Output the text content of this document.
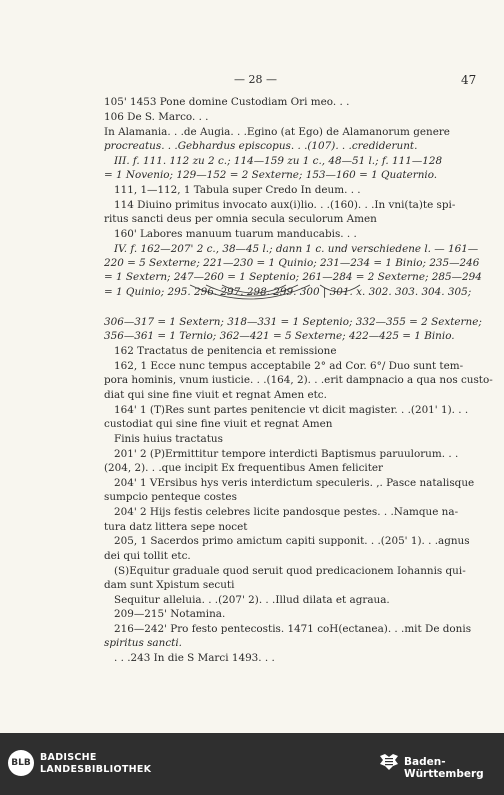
— 28 —	47
105' 1453 Pone domine Custodiam Ori meo. . .
106 De S. Marco. . .
In Alamania. . .de Augia. . .Egino (at Ego) de Alamanorum genere
procreatus. . .Gebhardus episcopus. . .(107). . .crediderunt.
III. f. 111. 112 zu 2 c.; 114—159 zu 1 c., 48—51 l.; f. 111—128
= 1 Novenio; 129—152 = 2 Sexterne; 153—160 = 1 Quaternio.
111, 1—112, 1 Tabula super Credo In deum. . .
114 Diuino primitus invocato aux(i)lio. . .(160). . .In vni(ta)te spi-
ritus sancti deus per omnia secula seculorum Amen
160' Labores manuum tuarum manducabis. . .
IV. f. 162—207' 2 c., 38—45 l.; dann 1 c. und verschiedene l. — 161—
220 = 5 Sexterne; 221—230 = 1 Quinio; 231—234 = 1 Binio; 235—246
= 1 Sextern; 247—260 = 1 Septenio; 261—284 = 2 Sexterne; 285—294
= 1 Quinio; 295. 296. 297. 298. 299. 300 | 301. x. 302. 303. 304. 305;
306—317 = 1 Sextern; 318—331 = 1 Septenio; 332—355 = 2 Sexterne;
356—361 = 1 Ternio; 362—421 = 5 Sexterne; 422—425 = 1 Binio.
162 Tractatus de penitencia et remissione
162, 1 Ecce nunc tempus acceptabile 2° ad Cor. 6°/ Duo sunt tem-
pora hominis, vnum iusticie. . .(164, 2). . .erit dampnacio a qua nos custo-
diat qui sine fine viuit et regnat Amen etc.
164' 1 (T)Res sunt partes penitencie vt dicit magister. . .(201' 1). . .
custodiat qui sine fine viuit et regnat Amen
Finis huius tractatus
201' 2 (P)Ermittitur tempore interdicti Baptismus paruulorum. . .
(204, 2). . .que incipit Ex frequentibus Amen feliciter
204' 1 VErsibus hys veris interdictum speculeris. ,. Pasce natalisque
sumpcio penteque costes
204' 2 Hijs festis celebres licite pandosque pestes. . .Namque na-
tura datz littera sepe nocet
205, 1 Sacerdos primo amictum capiti supponit. . .(205' 1). . .agnus
dei qui tollit etc.
(S)Equitur graduale quod seruit quod predicacionem Iohannis qui-
dam sunt Xpistum secuti
Sequitur alleluia. . .(207' 2). . .Illud dilata et agraua.
209—215' Notamina.
216—242' Pro festo pentecostis. 1471 coH(ectanea). . .mit De donis
spiritus sancti.
. . .243 In die S Marci 1493. . .
BLB BADISCHE
LANDESBIBLIOTHEK
Baden-Württemberg
